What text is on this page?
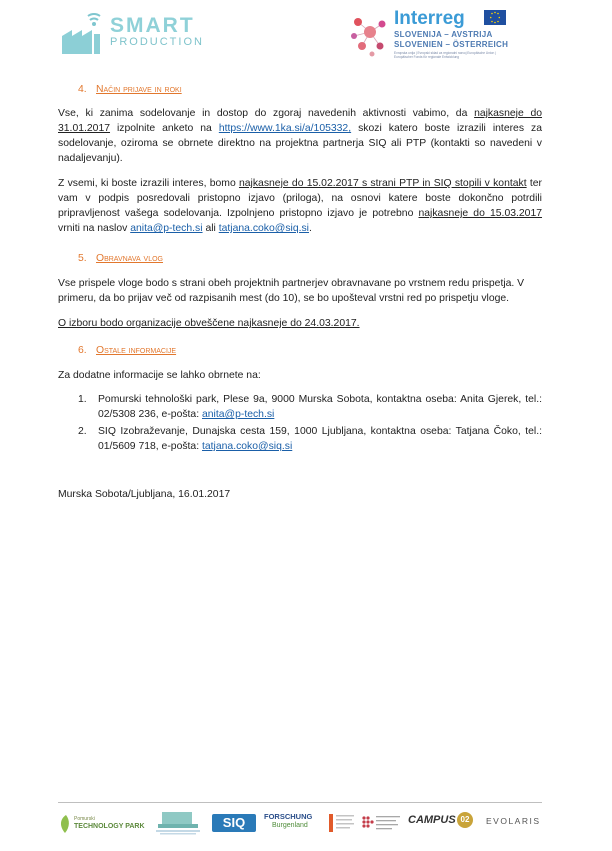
SMART
PRODUCTION
Interreg
SLOVENIJA – AVSTRIJA
SLOVENIEN – ÖSTERREICH
Evropska unija | Evropski sklad za regionalni razvoj Europäische Union | Europäischer Fonds für regionale Entwicklung
4. Način prijave in roki
Vse, ki zanima sodelovanje in dostop do zgoraj navedenih aktivnosti vabimo, da najkasneje do 31.01.2017 izpolnite anketo na https://www.1ka.si/a/105332, skozi katero boste izrazili interes za sodelovanje, oziroma se obrnete direktno na projektna partnerja SIQ ali PTP (kontakti so navedeni v nadaljevanju).
Z vsemi, ki boste izrazili interes, bomo najkasneje do 15.02.2017 s strani PTP in SIQ stopili v kontakt ter vam v podpis posredovali pristopno izjavo (priloga), na osnovi katere boste dokončno potrdili pripravljenost vašega sodelovanja. Izpolnjeno pristopno izjavo je potrebno najkasneje do 15.03.2017 vrniti na naslov anita@p-tech.si ali tatjana.coko@siq.si.
5. Obravnava vlog
Vse prispele vloge bodo s strani obeh projektnih partnerjev obravnavane po vrstnem redu prispetja. V primeru, da bo prijav več od razpisanih mest (do 10), se bo upošteval vrstni red po prispetju vloge.
O izboru bodo organizacije obveščene najkasneje do 24.03.2017.
6. Ostale informacije
Za dodatne informacije se lahko obrnete na:
1. Pomurski tehnološki park, Plese 9a, 9000 Murska Sobota, kontaktna oseba: Anita Gjerek, tel.: 02/5308 236, e-pošta: anita@p-tech.si
2. SIQ Izobraževanje, Dunajska cesta 159, 1000 Ljubljana, kontaktna oseba: Tatjana Čoko, tel.: 01/5609 718, e-pošta: tatjana.coko@siq.si
Murska Sobota/Ljubljana, 16.01.2017
Pomurski
TECHNOLOGY PARK	SIQ	FORSCHUNG
Burgenland	CAMPUS 02	EVOLARIS
